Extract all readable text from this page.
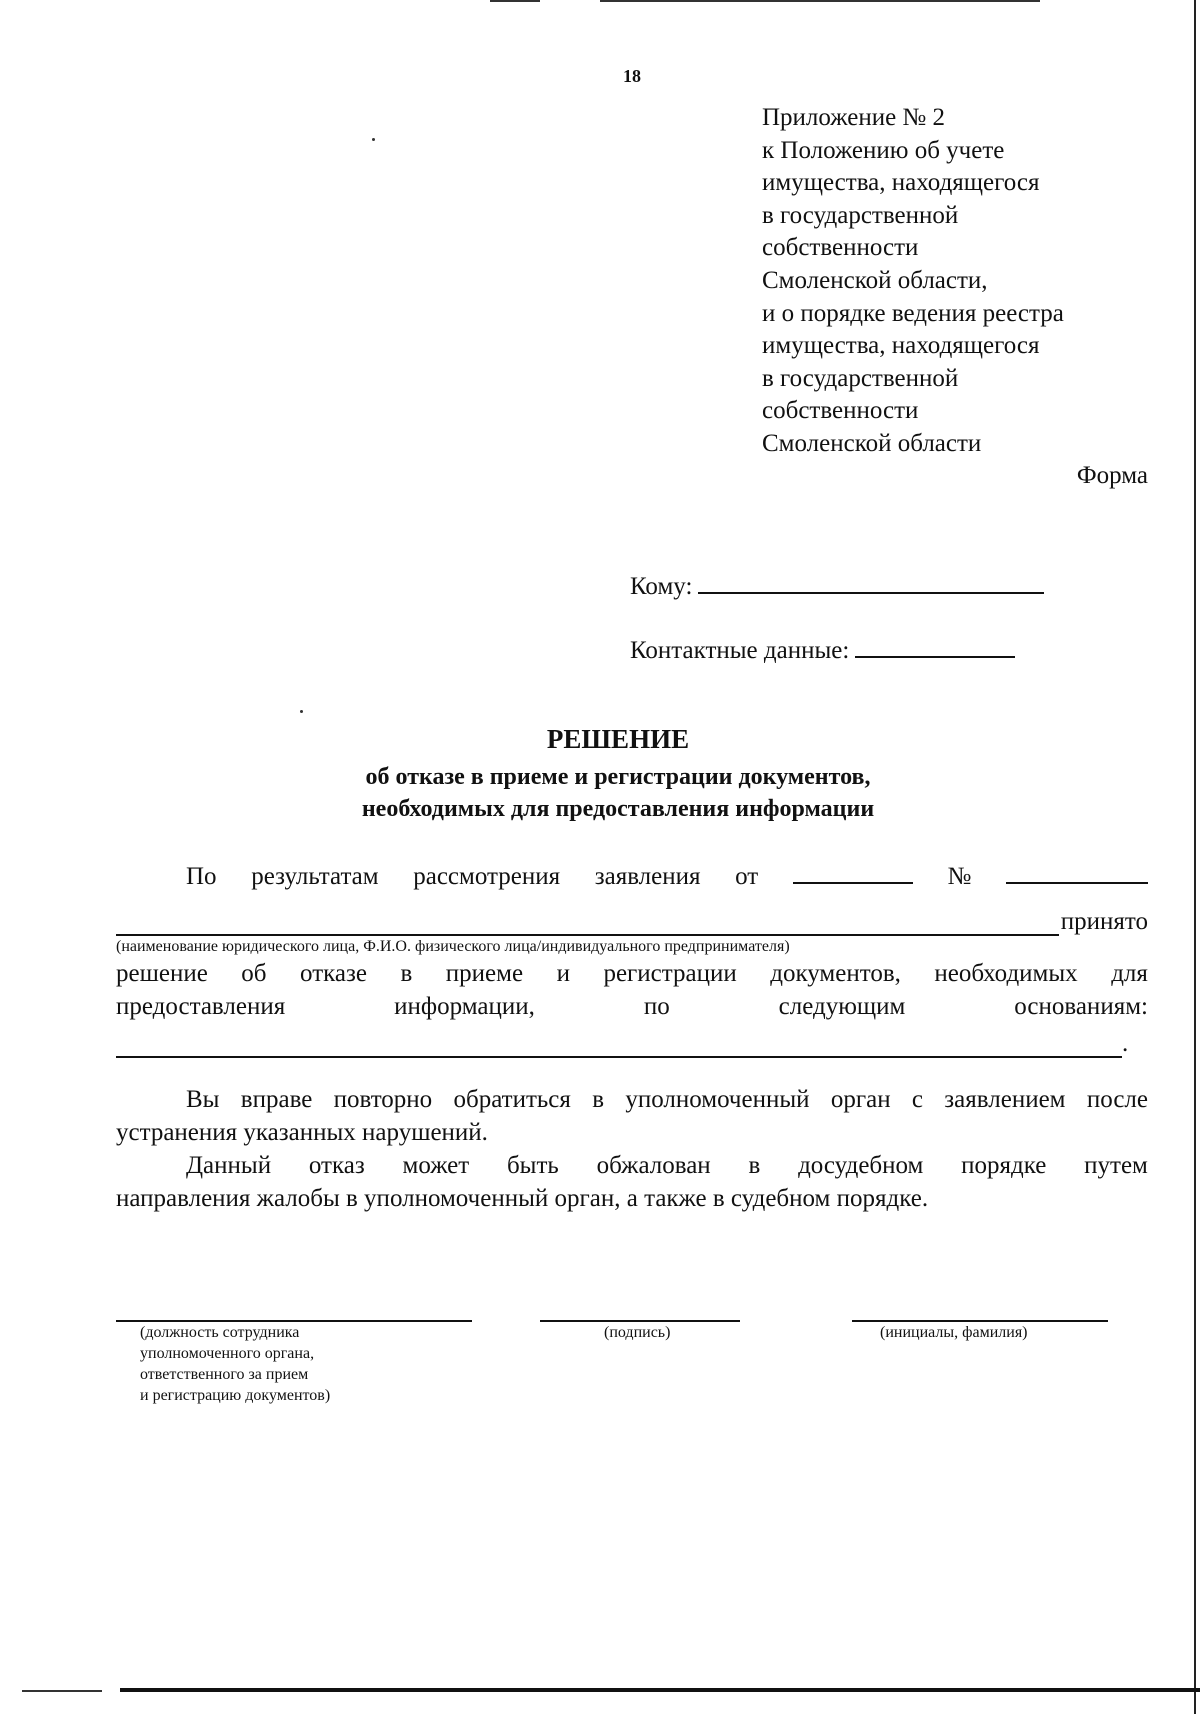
18
Приложение № 2
к Положению об учете
имущества, находящегося
в государственной
собственности
Смоленской области,
и о порядке ведения реестра
имущества, находящегося
в государственной
собственности
Смоленской области
Форма
Кому:
Контактные данные:
РЕШЕНИЕ
об отказе в приеме и регистрации документов,
необходимых для предоставления информации
По результатам рассмотрения заявления от	№
принято
(наименование юридического лица, Ф.И.О. физического лица/индивидуального предпринимателя)
решение об отказе в приеме и регистрации документов, необходимых для
предоставления	информации,	по	следующим	основаниям:
.
Вы вправе повторно обратиться в уполномоченный орган с заявлением после
устранения указанных нарушений.
Данный отказ может быть обжалован в досудебном порядке путем
направления жалобы в уполномоченный орган, а также в судебном порядке.
(должность сотрудника
уполномоченного органа,
ответственного за прием
и регистрацию документов)
(подпись)	(инициалы, фамилия)
